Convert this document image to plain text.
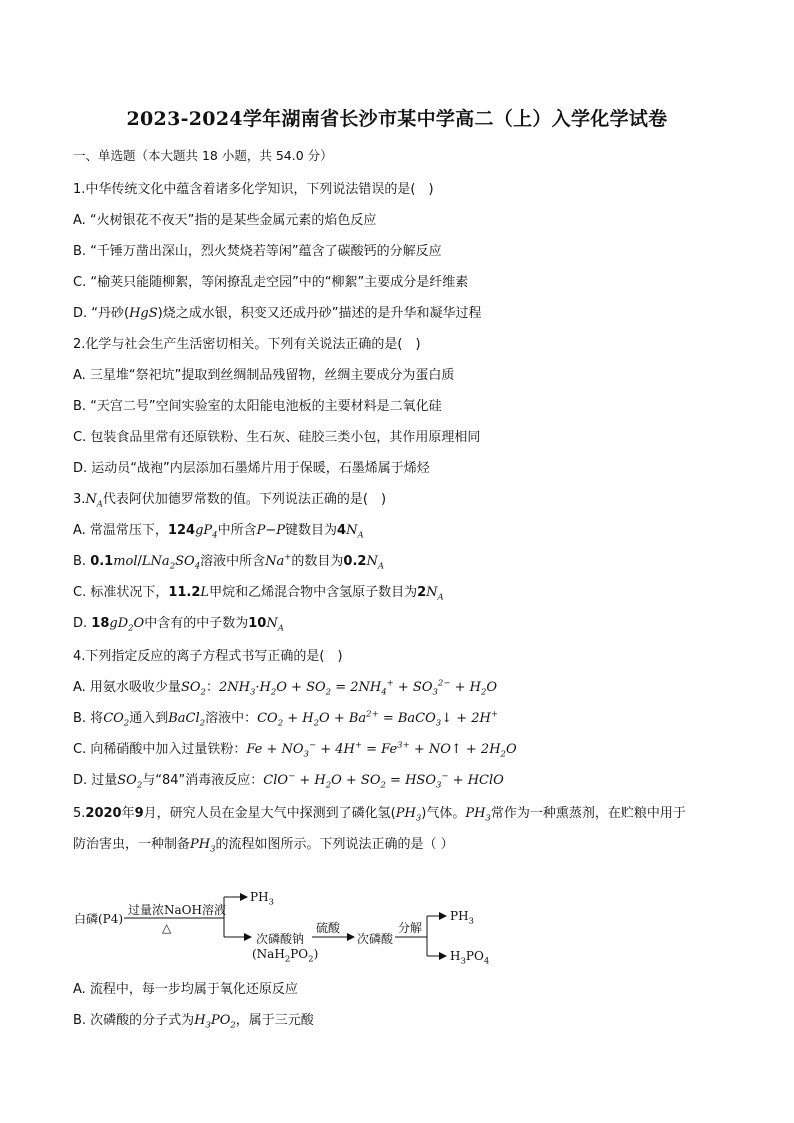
2023-2024学年湖南省长沙市某中学高二（上）入学化学试卷
一、单选题（本大题共 18 小题，共 54.0 分）
1.中华传统文化中蕴含着诸多化学知识，下列说法错误的是(　)
A. “火树银花不夜天”指的是某些金属元素的焰色反应
B. “千锤万凿出深山，烈火焚烧若等闲”蕴含了碳酸钙的分解反应
C. “榆荚只能随柳絮，等闲撩乱走空园”中的“柳絮”主要成分是纤维素
D. “丹砂(HgS)烧之成水银，积变又还成丹砂”描述的是升华和凝华过程
2.化学与社会生产生活密切相关。下列有关说法正确的是(　)
A. 三星堆“祭祀坑”提取到丝绸制品残留物，丝绸主要成分为蛋白质
B. “天宫二号”空间实验室的太阳能电池板的主要材料是二氧化硅
C. 包装食品里常有还原铁粉、生石灰、硅胶三类小包，其作用原理相同
D. 运动员“战袍”内层添加石墨烯片用于保暖，石墨烯属于烯烃
$3.N_A$代表阿伏加德罗常数的值。下列说法正确的是(　)
A. 常温常压下，$124gP_4$中所含P−P键数目为$4N_A$
B. $0.1mol/LNa_2SO_4$溶液中所含Na+的数目为$0.2N_A$
C. 标准状况下，11.2L甲烷和乙烯混合物中含氢原子数目为$2N_A$
D. $18gD_2O$中含有的中子数为$10N_A$
4.下列指定反应的离子方程式书写正确的是(　)
A. 用氨水吸收少量$SO_2$：$2NH_3\cdot H_2O + SO_2 = 2NH_4^+ + SO_3^{2-} + H_2O$
B. 将$CO_2$通入到BaCl$_2$溶液中：$CO_2 + H_2O + Ba^{2+}$ = BaCO$_3$↓ + 2H+
C. 向稀硝酸中加入过量铁粉：$Fe + NO_3^- + 4H^+ = Fe^{3+}$ + NO↑ + $2H_2O$
D. 过量$SO_2$与“84”消毒液反应：$ClO^- + H_2O + SO_2 = HSO_3^-$ + HClO
5.2020年9月，研究人员在金星大气中探测到了磷化氢$(PH_3)$气体。$PH_3$常作为一种熏蒸剂，在贮粮中用于
防治害虫，一种制备$PH_3$的流程如图所示。下列说法正确的是（ ）
白磷(P4)
过量浓NaOH溶液
△
$PH_3$
次磷酸钠
$(NaH_2PO_2)$
硫酸
次磷酸
分解
$PH_3$
$H_3PO_4$
A. 流程中，每一步均属于氧化还原反应
B. 次磷酸的分子式为$H_3PO_2$，属于三元酸
